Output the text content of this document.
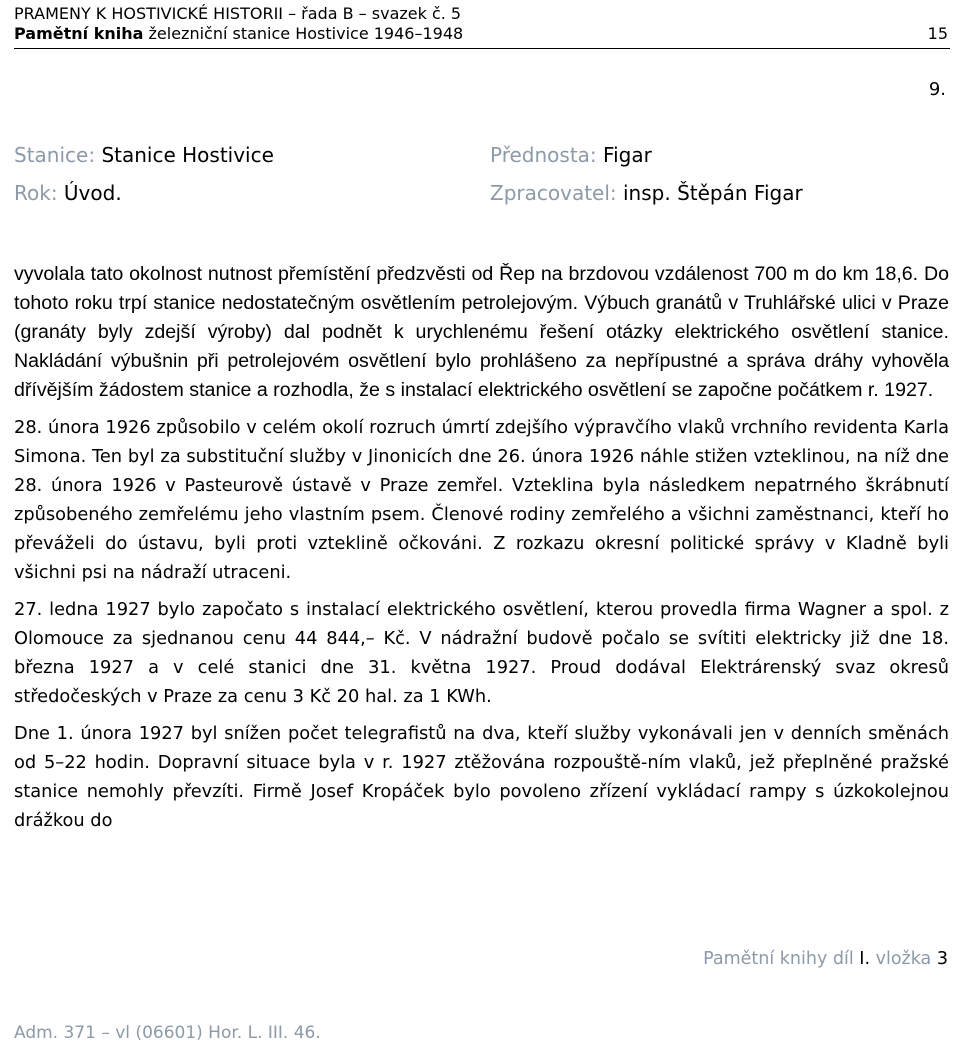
PRAMENY K HOSTIVICKÉ HISTORII – řada B – svazek č. 5
Pamětní kniha železniční stanice Hostivice 1946–1948	15
9.
Stanice: Stanice Hostivice
Rok: Úvod.
Přednosta: Figar
Zpracovatel: insp. Štěpán Figar

vyvolala tato okolnost nutnost přemístění předzvěsti od Řep na brzdovou vzdálenost 700 m do km 18,6. Do tohoto roku trpí stanice nedostatečným osvětlením petrolejovým. Výbuch granátů v Truhlářské ulici v Praze (granáty byly zdejší výroby) dal podnět k urychlenému řešení otázky elektrického osvětlení stanice. Nakládání výbušnin při petrolejovém osvětlení bylo prohlášeno za nepřípustné a správa dráhy vyhověla dřívějším žádostem stanice a rozhodla, že s instalací elektrického osvětlení se započne počátkem r. 1927.

28. února 1926 způsobilo v celém okolí rozruch úmrtí zdejšího výpravčího vlaků vrchního revidenta Karla Simona. Ten byl za substituční služby v Jinonicích dne 26. února 1926 náhle stižen vzteklinou, na níž dne 28. února 1926 v Pasteurově ústavě v Praze zemřel. Vzteklina byla následkem nepatrného škrábnutí způsobeného zemřelému jeho vlastním psem. Členové rodiny zemřelého a všichni zaměstnanci, kteří ho převáželi do ústavu, byli proti vzteklině očkováni. Z rozkazu okresní politické správy v Kladně byli všichni psi na nádraží utraceni.

27. ledna 1927 bylo započato s instalací elektrického osvětlení, kterou provedla firma Wagner a spol. z Olomouce za sjednanou cenu 44 844,– Kč. V nádražní budově počalo se svítiti elektricky již dne 18. března 1927 a v celé stanici dne 31. května 1927. Proud dodával Elektrárenský svaz okresů středočeských v Praze za cenu 3 Kč 20 hal. za 1 KWh.

Dne 1. února 1927 byl snížen počet telegrafistů na dva, kteří služby vykonávali jen v denních směnách od 5–22 hodin. Dopravní situace byla v r. 1927 ztěžována rozpouště-ním vlaků, jež přeplněné pražské stanice nemohly převzíti. Firmě Josef Kropáček bylo povoleno zřízení vykládací rampy s úzkokolejnou drážkou do

Pamětní knihy díl I. vložka 3
Adm. 371 – vl (06601) Hor. L. III. 46.
